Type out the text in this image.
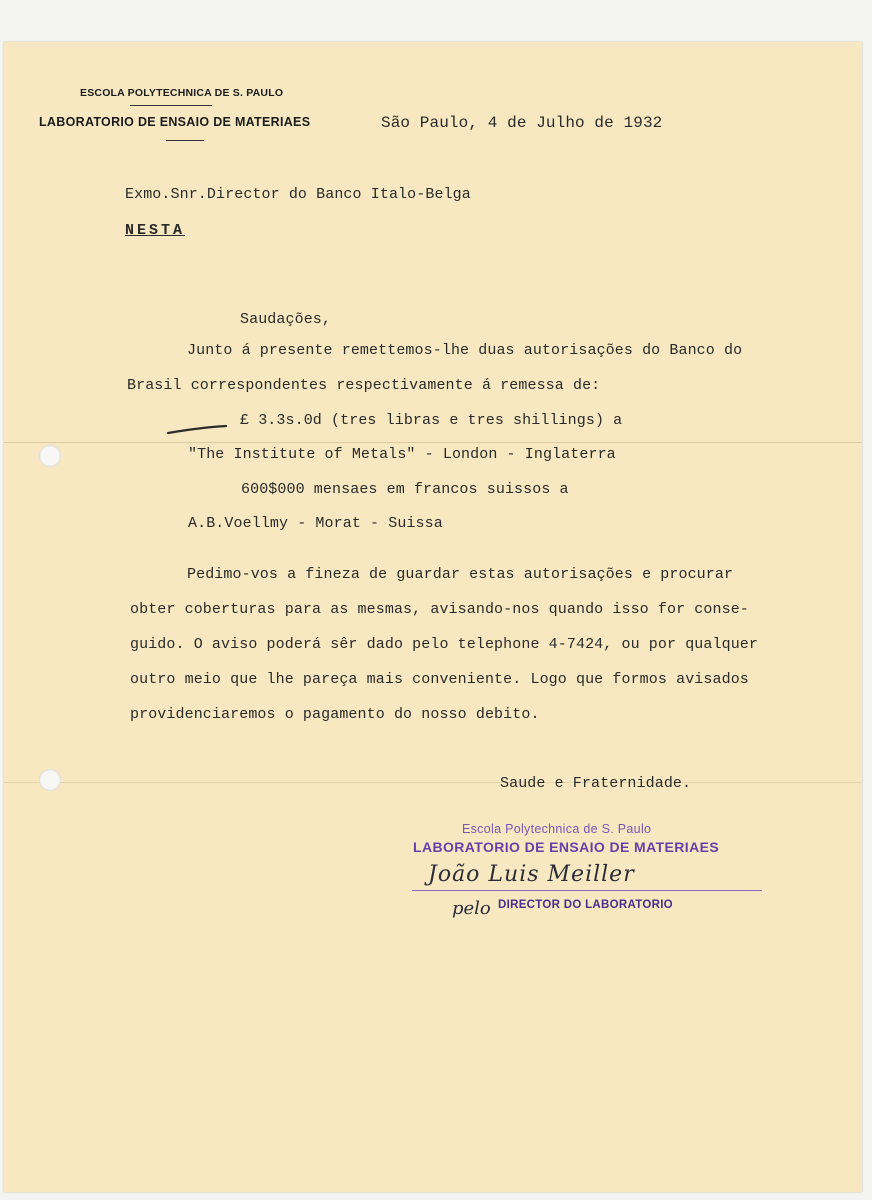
ESCOLA POLYTECHNICA DE S. PAULO
LABORATORIO DE ENSAIO DE MATERIAES	São Paulo, 4 de Julho de 1932
Exmo.Snr.Director do Banco Italo-Belga
NESTA
Saudações,
Junto á presente remettemos-lhe duas autorisações do Banco do
Brasil correspondentes respectivamente á remessa de:
£ 3.3s.0d (tres libras e tres shillings) a
"The Institute of Metals" - London - Inglaterra
600$000 mensaes em francos suissos a
A.B.Voellmy - Morat - Suissa
Pedimo-vos a fineza de guardar estas autorisações e procurar
obter coberturas para as mesmas, avisando-nos quando isso for conse-
guido. O aviso poderá sêr dado pelo telephone 4-7424, ou por qualquer
outro meio que lhe pareça mais conveniente. Logo que formos avisados
providenciaremos o pagamento do nosso debito.
Saude e Fraternidade.
Escola Polytechnica de S. Paulo
LABORATORIO DE ENSAIO DE MATERIAES
João Luis Meiller
pelo DIRECTOR DO LABORATORIO
